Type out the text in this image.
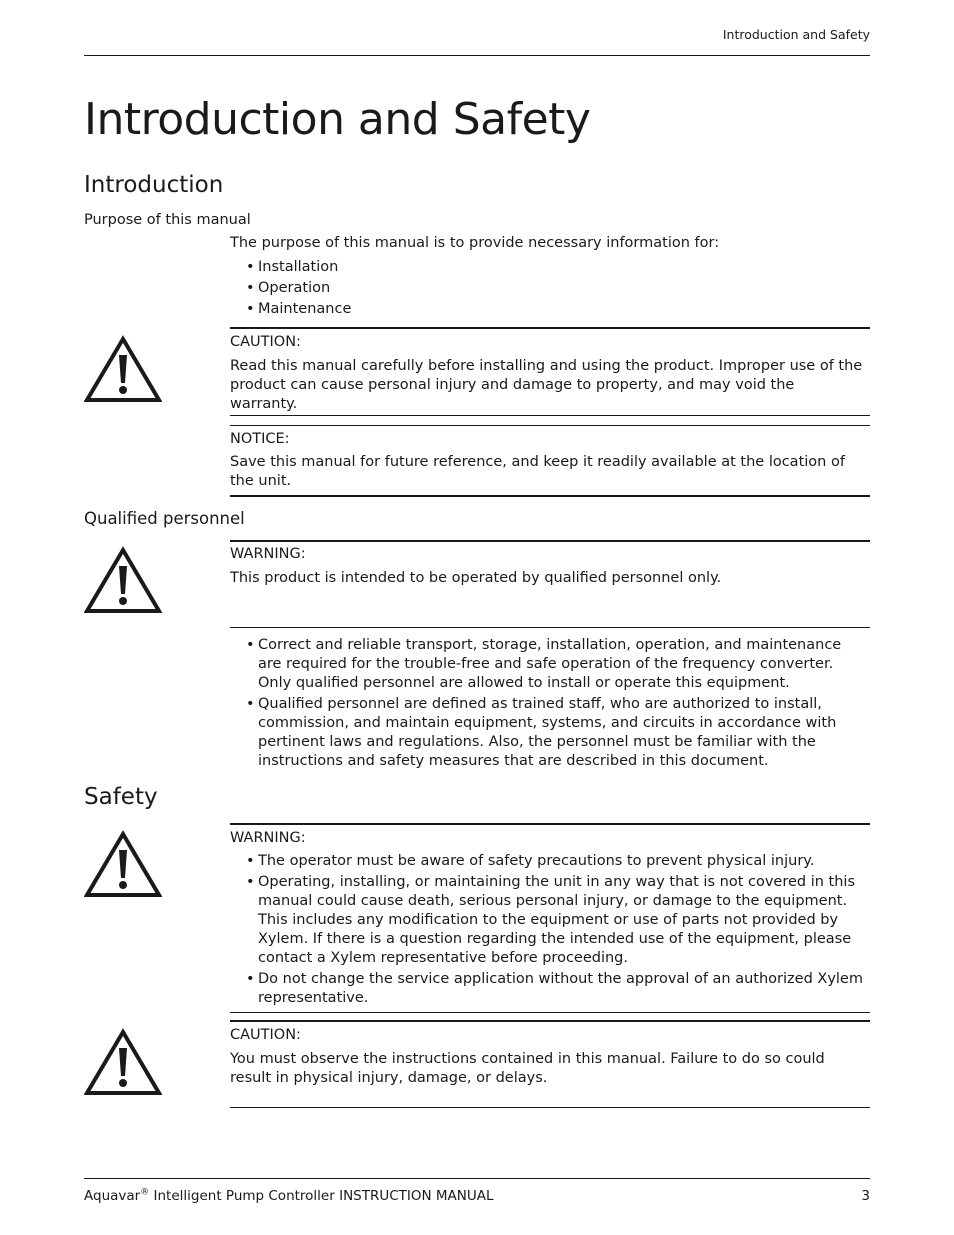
Introduction and Safety
Introduction and Safety
Introduction
Purpose of this manual
The purpose of this manual is to provide necessary information for:
• Installation
• Operation
• Maintenance
CAUTION:
Read this manual carefully before installing and using the product. Improper use of the product can cause personal injury and damage to property, and may void the warranty.
NOTICE:
Save this manual for future reference, and keep it readily available at the location of the unit.
Qualified personnel
WARNING:
This product is intended to be operated by qualified personnel only.
• Correct and reliable transport, storage, installation, operation, and maintenance are required for the trouble-free and safe operation of the frequency converter. Only qualified personnel are allowed to install or operate this equipment.
• Qualified personnel are defined as trained staff, who are authorized to install, commission, and maintain equipment, systems, and circuits in accordance with pertinent laws and regulations. Also, the personnel must be familiar with the instructions and safety measures that are described in this document.
Safety
WARNING:
• The operator must be aware of safety precautions to prevent physical injury.
• Operating, installing, or maintaining the unit in any way that is not covered in this manual could cause death, serious personal injury, or damage to the equipment. This includes any modification to the equipment or use of parts not provided by Xylem. If there is a question regarding the intended use of the equipment, please contact a Xylem representative before proceeding.
• Do not change the service application without the approval of an authorized Xylem representative.
CAUTION:
You must observe the instructions contained in this manual. Failure to do so could result in physical injury, damage, or delays.
Aquavar® Intelligent Pump Controller INSTRUCTION MANUAL	3
